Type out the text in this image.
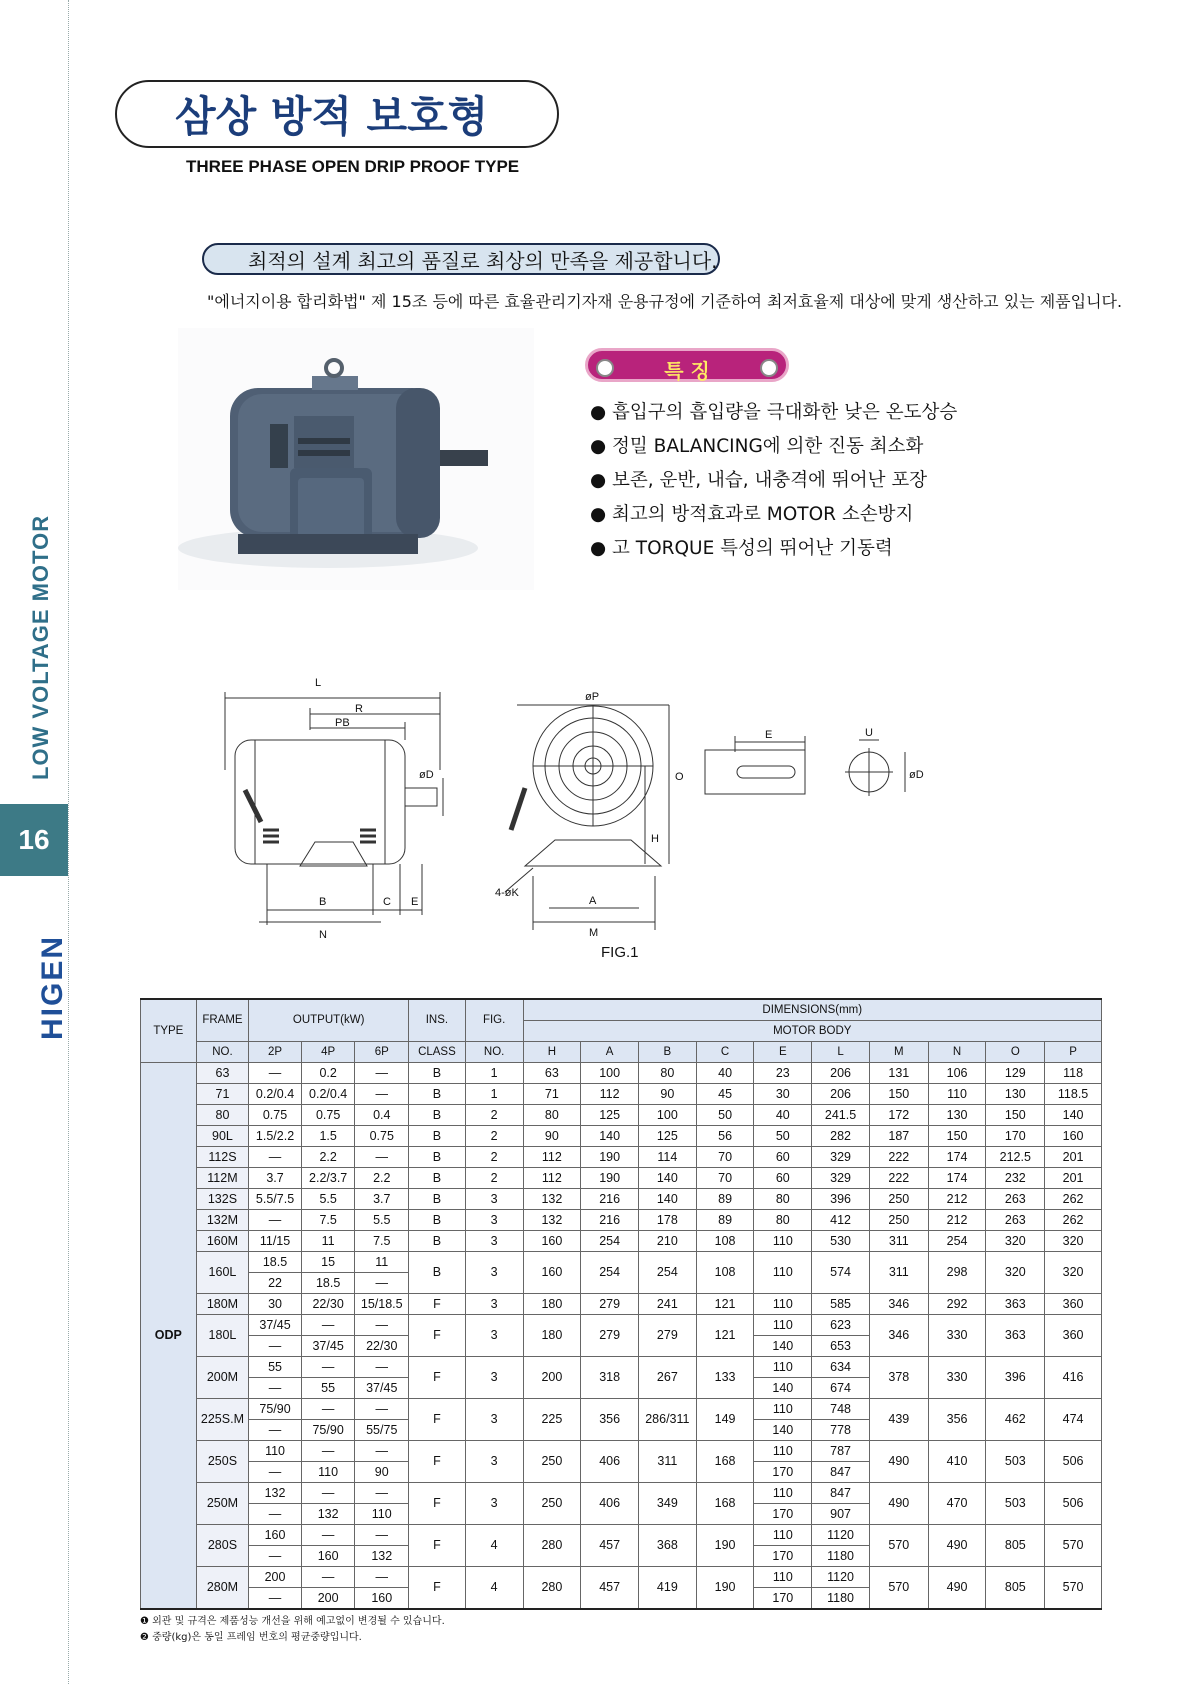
LOW VOLTAGE MOTOR
16
HIGEN
삼상 방적 보호형
THREE PHASE OPEN DRIP PROOF TYPE
최적의 설계 최고의 품질로 최상의 만족을 제공합니다.
"에너지이용 합리화법" 제 15조 등에 따른 효율관리기자재 운용규정에 기준하여 최저효율제 대상에 맞게 생산하고 있는 제품입니다.
특 징
● 흡입구의 흡입량을 극대화한 낮은 온도상승
● 정밀 BALANCING에 의한 진동 최소화
● 보존, 운반, 내습, 내충격에 뛰어난 포장
● 최고의 방적효과로 MOTOR 소손방지
● 고 TORQUE 특성의 뛰어난 기동력
L
R
PB
øD
B	C E
N
øP
O
H
4-øK
A
M
E	U
øD
FIG.1
TYPE	FRAME	OUTPUT(kW)			INS.	FIG.	DIMENSIONS(mm)									
							MOTOR BODY									
	NO.	2P	4P	6P	CLASS	NO.	H	A	B	C	E	L	M	N	O	P
ODP	63	—	0.2	—	B	1	63	100	80	40	23	206	131	106	129	118
	71	0.2/0.4	0.2/0.4	—	B	1	71	112	90	45	30	206	150	110	130	118.5
	80	0.75	0.75	0.4	B	2	80	125	100	50	40	241.5	172	130	150	140
	90L	1.5/2.2	1.5	0.75	B	2	90	140	125	56	50	282	187	150	170	160
	112S	—	2.2	—	B	2	112	190	114	70	60	329	222	174	212.5	201
	112M	3.7	2.2/3.7	2.2	B	2	112	190	140	70	60	329	222	174	232	201
	132S	5.5/7.5	5.5	3.7	B	3	132	216	140	89	80	396	250	212	263	262
	132M	—	7.5	5.5	B	3	132	216	178	89	80	412	250	212	263	262
	160M	11/15	11	7.5	B	3	160	254	210	108	110	530	311	254	320	320
	160L	18.5	15	11	B	3	160	254	254	108	110	574	311	298	320	320
		22	18.5	—												
	180M	30	22/30	15/18.5	F	3	180	279	241	121	110	585	346	292	363	360
	180L	37/45	—	—	F	3	180	279	279	121	110	623	346	330	363	360
		—	37/45	22/30							140	653				
	200M	55	—	—	F	3	200	318	267	133	110	634	378	330	396	416
		—	55	37/45							140	674				
	225S.M	75/90	—	—	F	3	225	356	286/311	149	110	748	439	356	462	474
		—	75/90	55/75							140	778				
	250S	110	—	—	F	3	250	406	311	168	110	787	490	410	503	506
		—	110	90							170	847				
	250M	132	—	—	F	3	250	406	349	168	110	847	490	470	503	506
		—	132	110							170	907				
	280S	160	—	—	F	4	280	457	368	190	110	1120	570	490	805	570
		—	160	132							170	1180				
	280M	200	—	—	F	4	280	457	419	190	110	1120	570	490	805	570
		—	200	160							170	1180				
❶ 외관 및 규격은 제품성능 개선을 위해 예고없이 변경될 수 있습니다.
❷ 중량(kg)은 동일 프레임 번호의 평균중량입니다.
